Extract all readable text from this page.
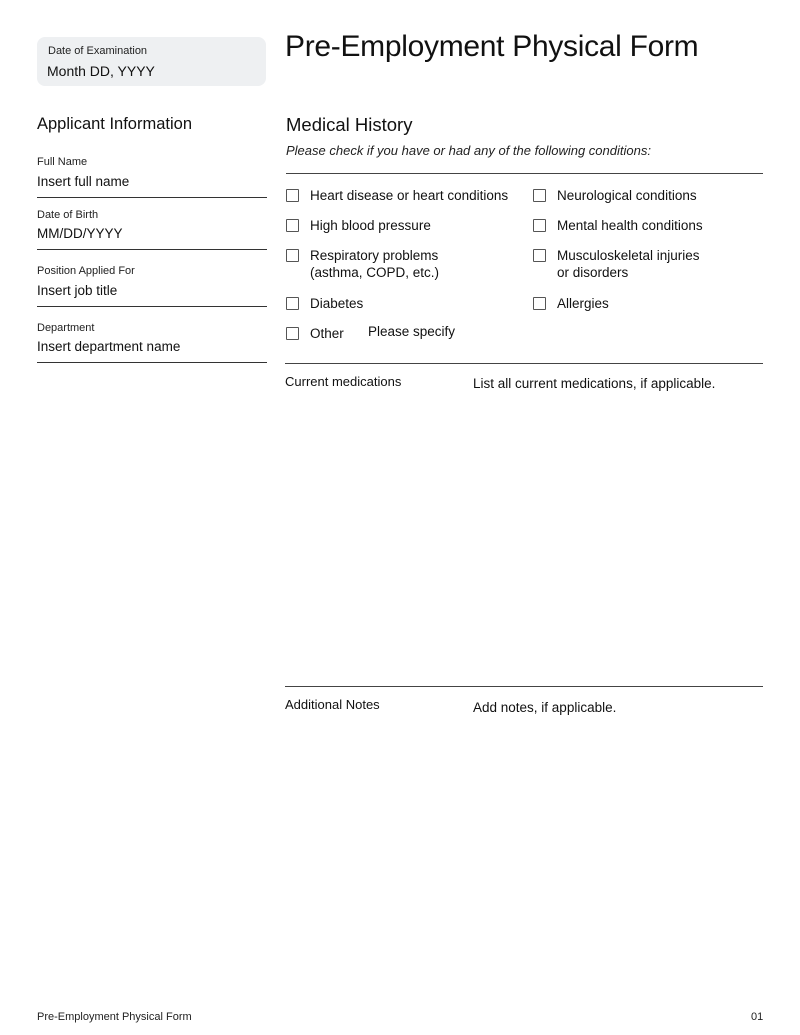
Date of Examination
Month DD, YYYY	Pre-Employment Physical Form
Applicant Information
Full Name
Insert full name
Date of Birth
MM/DD/YYYY
Position Applied For
Insert job title
Department
Insert department name
Medical History
Please check if you have or had any of the following conditions:
Heart disease or heart conditions
High blood pressure
Respiratory problems
(asthma, COPD, etc.)
Diabetes
Other
Please specify
Neurological conditions
Mental health conditions
Musculoskeletal injuries
or disorders
Allergies
Current medications
List all current medications, if applicable.
Additional Notes
Add notes, if applicable.
Pre-Employment Physical Form	01
